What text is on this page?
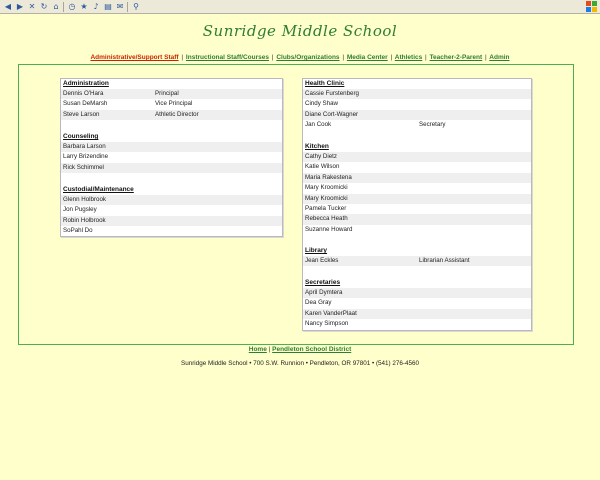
◀ ▶ ✕ ↻ ⌂	◷ ★ ♪ ▤ ✉ ⚲
Sunridge Middle School
Administrative/Support Staff | Instructional Staff/Courses | Clubs/Organizations | Media Center | Athletics | Teacher-2-Parent | Admin
Administration
Dennis O'Hara	Principal
Susan DeMarsh	Vice Principal
Steve Larson	Athletic Director
Counseling
Barbara Larson
Larry Brizendine
Rick Schimmel
Custodial/Maintenance
Glenn Holbrook
Jon Pugsley
Robin Holbrook
SoPahl Do
Health Clinic
Cassie Furstenberg
Cindy Shaw
Diane Cort-Wagner
Jan Cook	Secretary
Kitchen
Cathy Dietz
Katie Wilson
Maria Rakestena
Mary Kroomicki
Mary Kroomicki
Pamela Tucker
Rebecca Heath
Suzanne Howard
Library
Jean Eckles	Librarian Assistant
Secretaries
April Dymtera
Dea Gray
Karen VanderPlaat
Nancy Simpson
Home | Pendleton School District
Sunridge Middle School • 700 S.W. Runnion • Pendleton, OR 97801 • (541) 276-4560
